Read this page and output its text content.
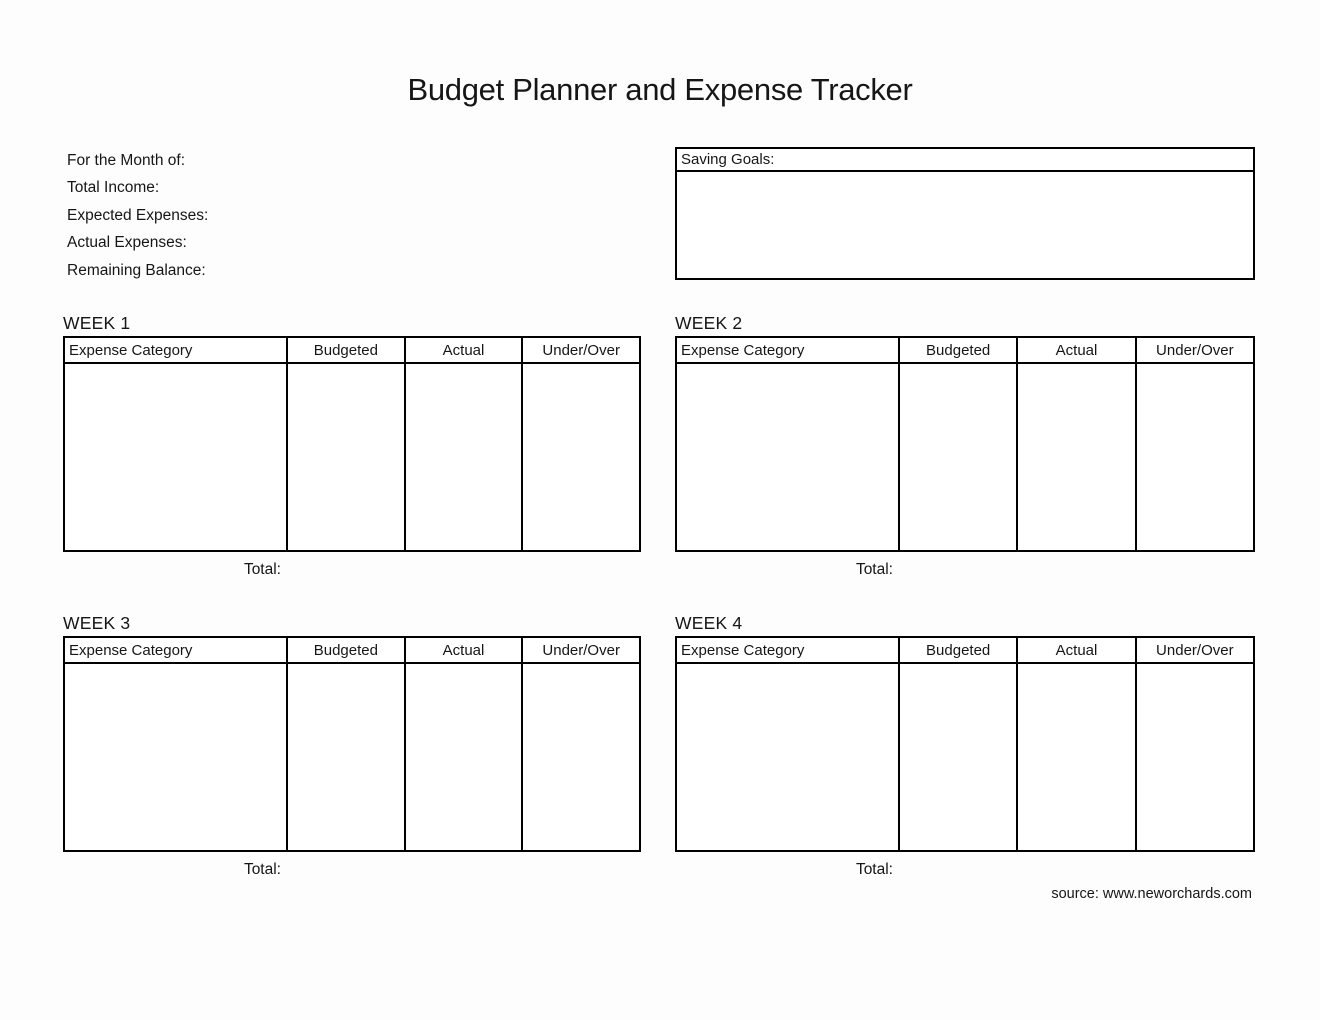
Budget Planner and Expense Tracker
For the Month of:
Total Income:
Expected Expenses:
Actual Expenses:
Remaining Balance:
Saving Goals:
WEEK 1
Expense Category	Budgeted	Actual	Under/Over
Total:
WEEK 2
Expense Category	Budgeted	Actual	Under/Over
Total:
WEEK 3
Expense Category	Budgeted	Actual	Under/Over
Total:
WEEK 4
Expense Category	Budgeted	Actual	Under/Over
Total:
source: www.neworchards.com
